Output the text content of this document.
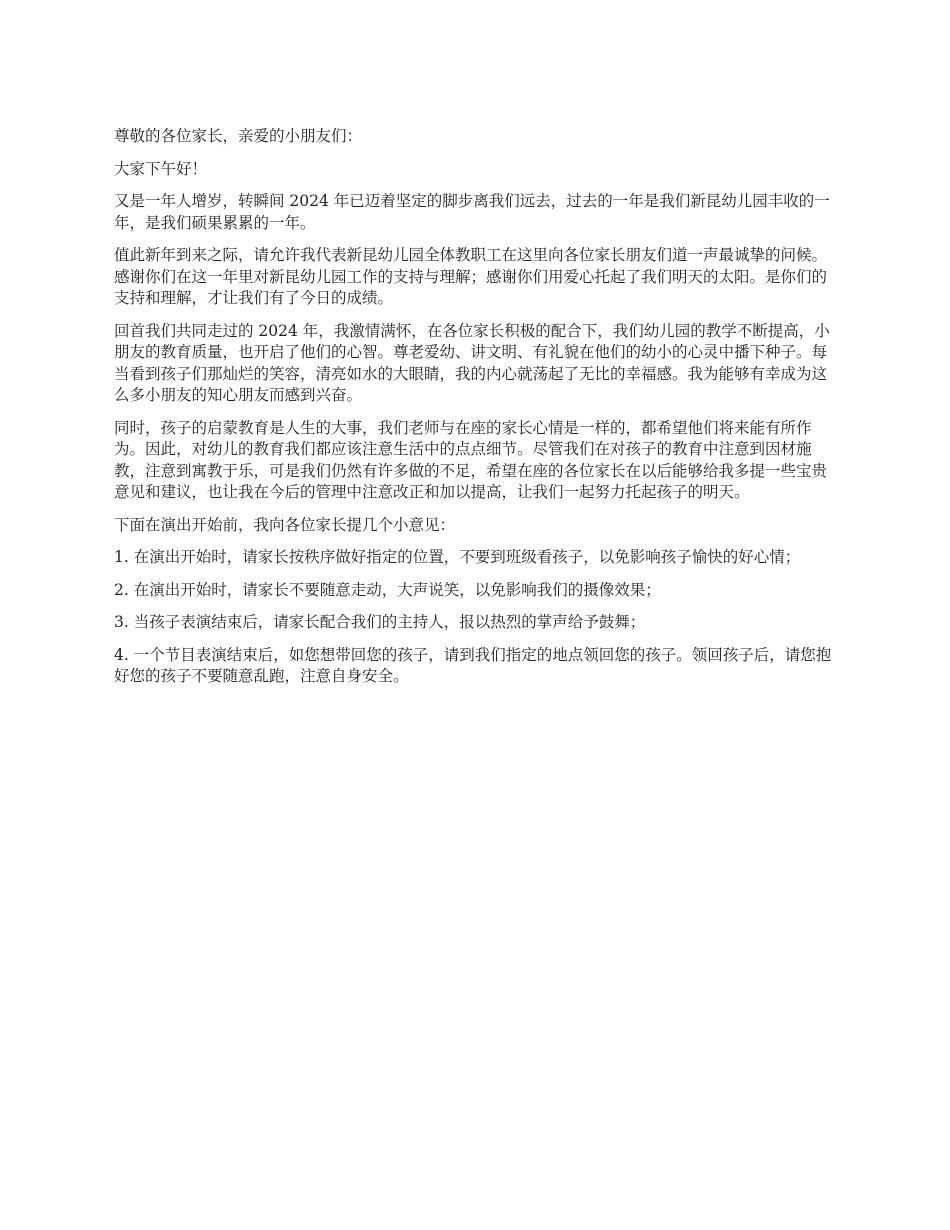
尊敬的各位家长，亲爱的小朋友们：

大家下午好！

又是一年人增岁，转瞬间 2024 年已迈着坚定的脚步离我们远去，过去的一年是我们新昆幼儿园丰收的一年，是我们硕果累累的一年。

值此新年到来之际，请允许我代表新昆幼儿园全体教职工在这里向各位家长朋友们道一声最诚挚的问候。感谢你们在这一年里对新昆幼儿园工作的支持与理解；感谢你们用爱心托起了我们明天的太阳。是你们的支持和理解，才让我们有了今日的成绩。

回首我们共同走过的 2024 年，我激情满怀，在各位家长积极的配合下，我们幼儿园的教学不断提高，小朋友的教育质量，也开启了他们的心智。尊老爱幼、讲文明、有礼貌在他们的幼小的心灵中播下种子。每当看到孩子们那灿烂的笑容，清亮如水的大眼睛，我的内心就荡起了无比的幸福感。我为能够有幸成为这么多小朋友的知心朋友而感到兴奋。

同时，孩子的启蒙教育是人生的大事，我们老师与在座的家长心情是一样的，都希望他们将来能有所作为。因此，对幼儿的教育我们都应该注意生活中的点点细节。尽管我们在对孩子的教育中注意到因材施教，注意到寓教于乐，可是我们仍然有许多做的不足，希望在座的各位家长在以后能够给我多提一些宝贵意见和建议，也让我在今后的管理中注意改正和加以提高，让我们一起努力托起孩子的明天。

下面在演出开始前，我向各位家长提几个小意见：

1. 在演出开始时，请家长按秩序做好指定的位置，不要到班级看孩子，以免影响孩子愉快的好心情；

2. 在演出开始时，请家长不要随意走动，大声说笑，以免影响我们的摄像效果；

3. 当孩子表演结束后，请家长配合我们的主持人，报以热烈的掌声给予鼓舞；

4. 一个节目表演结束后，如您想带回您的孩子，请到我们指定的地点领回您的孩子。领回孩子后，请您抱好您的孩子不要随意乱跑，注意自身安全。
